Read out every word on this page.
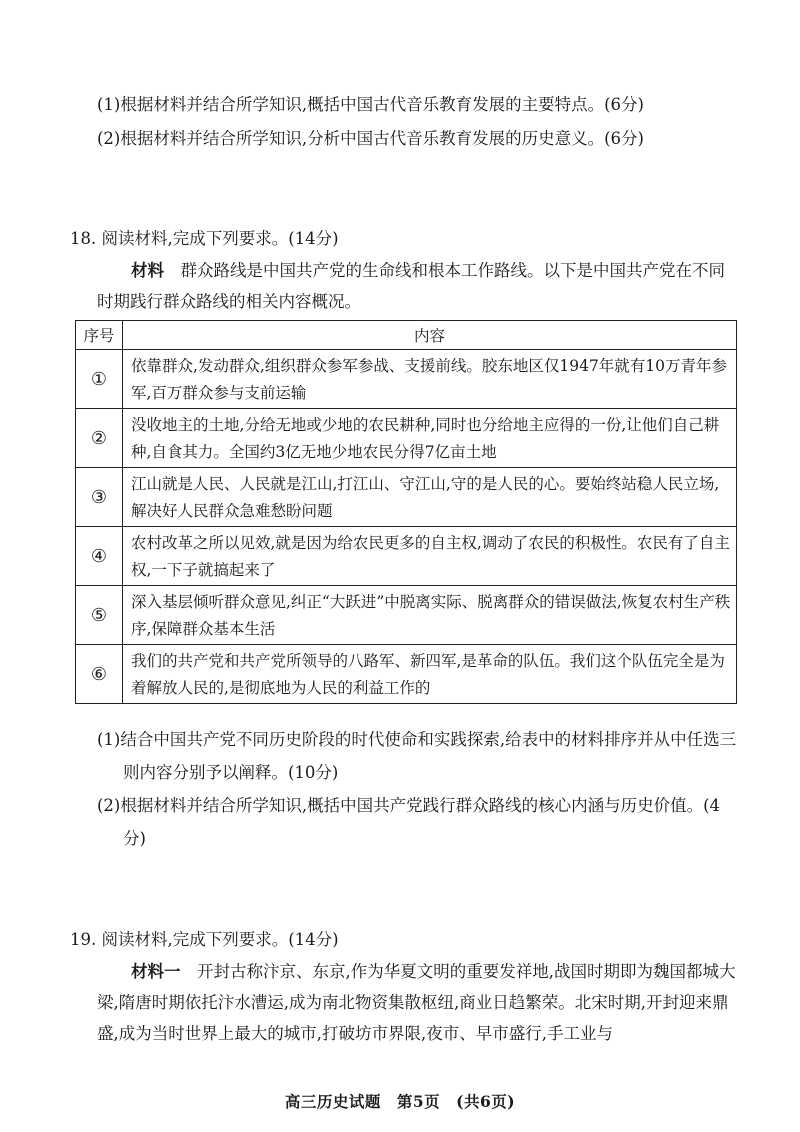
(1)根据材料并结合所学知识,概括中国古代音乐教育发展的主要特点。(6分)
(2)根据材料并结合所学知识,分析中国古代音乐教育发展的历史意义。(6分)
18. 阅读材料,完成下列要求。(14分)
材料　 群众路线是中国共产党的生命线和根本工作路线。以下是中国共产党在不同时期践行群众路线的相关内容概况。
序号	内容
①	依靠群众,发动群众,组织群众参军参战、支援前线。胶东地区仅1947年就有10万青年参军,百万群众参与支前运输
②	没收地主的土地,分给无地或少地的农民耕种,同时也分给地主应得的一份,让他们自己耕种,自食其力。全国约3亿无地少地农民分得7亿亩土地
③	江山就是人民、人民就是江山,打江山、守江山,守的是人民的心。要始终站稳人民立场,解决好人民群众急难愁盼问题
④	农村改革之所以见效,就是因为给农民更多的自主权,调动了农民的积极性。农民有了自主权,一下子就搞起来了
⑤	深入基层倾听群众意见,纠正“大跃进”中脱离实际、脱离群众的错误做法,恢复农村生产秩序,保障群众基本生活
⑥	我们的共产党和共产党所领导的八路军、新四军,是革命的队伍。我们这个队伍完全是为着解放人民的,是彻底地为人民的利益工作的
(1)结合中国共产党不同历史阶段的时代使命和实践探索,给表中的材料排序并从中任选三则内容分别予以阐释。(10分)
(2)根据材料并结合所学知识,概括中国共产党践行群众路线的核心内涵与历史价值。(4分)
19. 阅读材料,完成下列要求。(14分)
材料一　 开封古称汴京、东京,作为华夏文明的重要发祥地,战国时期即为魏国都城大梁,隋唐时期依托汴水漕运,成为南北物资集散枢纽,商业日趋繁荣。北宋时期,开封迎来鼎盛,成为当时世界上最大的城市,打破坊市界限,夜市、早市盛行,手工业与
高三历史试题　第5页　(共6页)
